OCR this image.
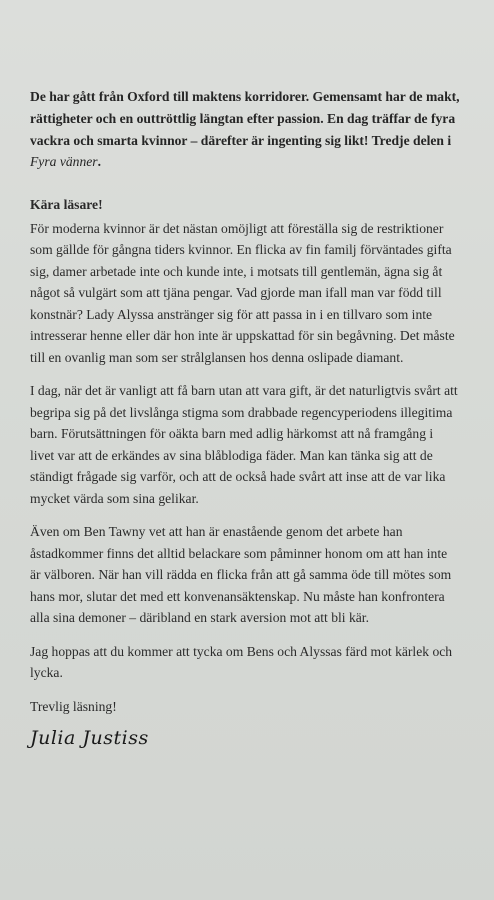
De har gått från Oxford till maktens korridorer. Gemensamt har de makt, rättigheter och en outtröttlig längtan efter passion. En dag träffar de fyra vackra och smarta kvinnor – därefter är ingenting sig likt! Tredje delen i Fyra vänner.

Kära läsare!

För moderna kvinnor är det nästan omöjligt att föreställa sig de restriktioner som gällde för gångna tiders kvinnor. En flicka av fin familj förväntades gifta sig, damer arbetade inte och kunde inte, i motsats till gentlemän, ägna sig åt något så vulgärt som att tjäna pengar. Vad gjorde man ifall man var född till konstnär? Lady Alyssa anstränger sig för att passa in i en tillvaro som inte intresserar henne eller där hon inte är uppskattad för sin begåvning. Det måste till en ovanlig man som ser strålglansen hos denna oslipade diamant.

I dag, när det är vanligt att få barn utan att vara gift, är det naturligtvis svårt att begripa sig på det livslånga stigma som drabbade regencyperiodens illegitima barn. Förutsättningen för oäkta barn med adlig härkomst att nå framgång i livet var att de erkändes av sina blåblodiga fäder. Man kan tänka sig att de ständigt frågade sig varför, och att de också hade svårt att inse att de var lika mycket värda som sina gelikar.

Även om Ben Tawny vet att han är enastående genom det arbete han åstadkommer finns det alltid belackare som påminner honom om att han inte är välboren. När han vill rädda en flicka från att gå samma öde till mötes som hans mor, slutar det med ett konvenansäktenskap. Nu måste han konfrontera alla sina demoner – däribland en stark aversion mot att bli kär.

Jag hoppas att du kommer att tycka om Bens och Alyssas färd mot kärlek och lycka.

Trevlig läsning!

Julia Justiss
